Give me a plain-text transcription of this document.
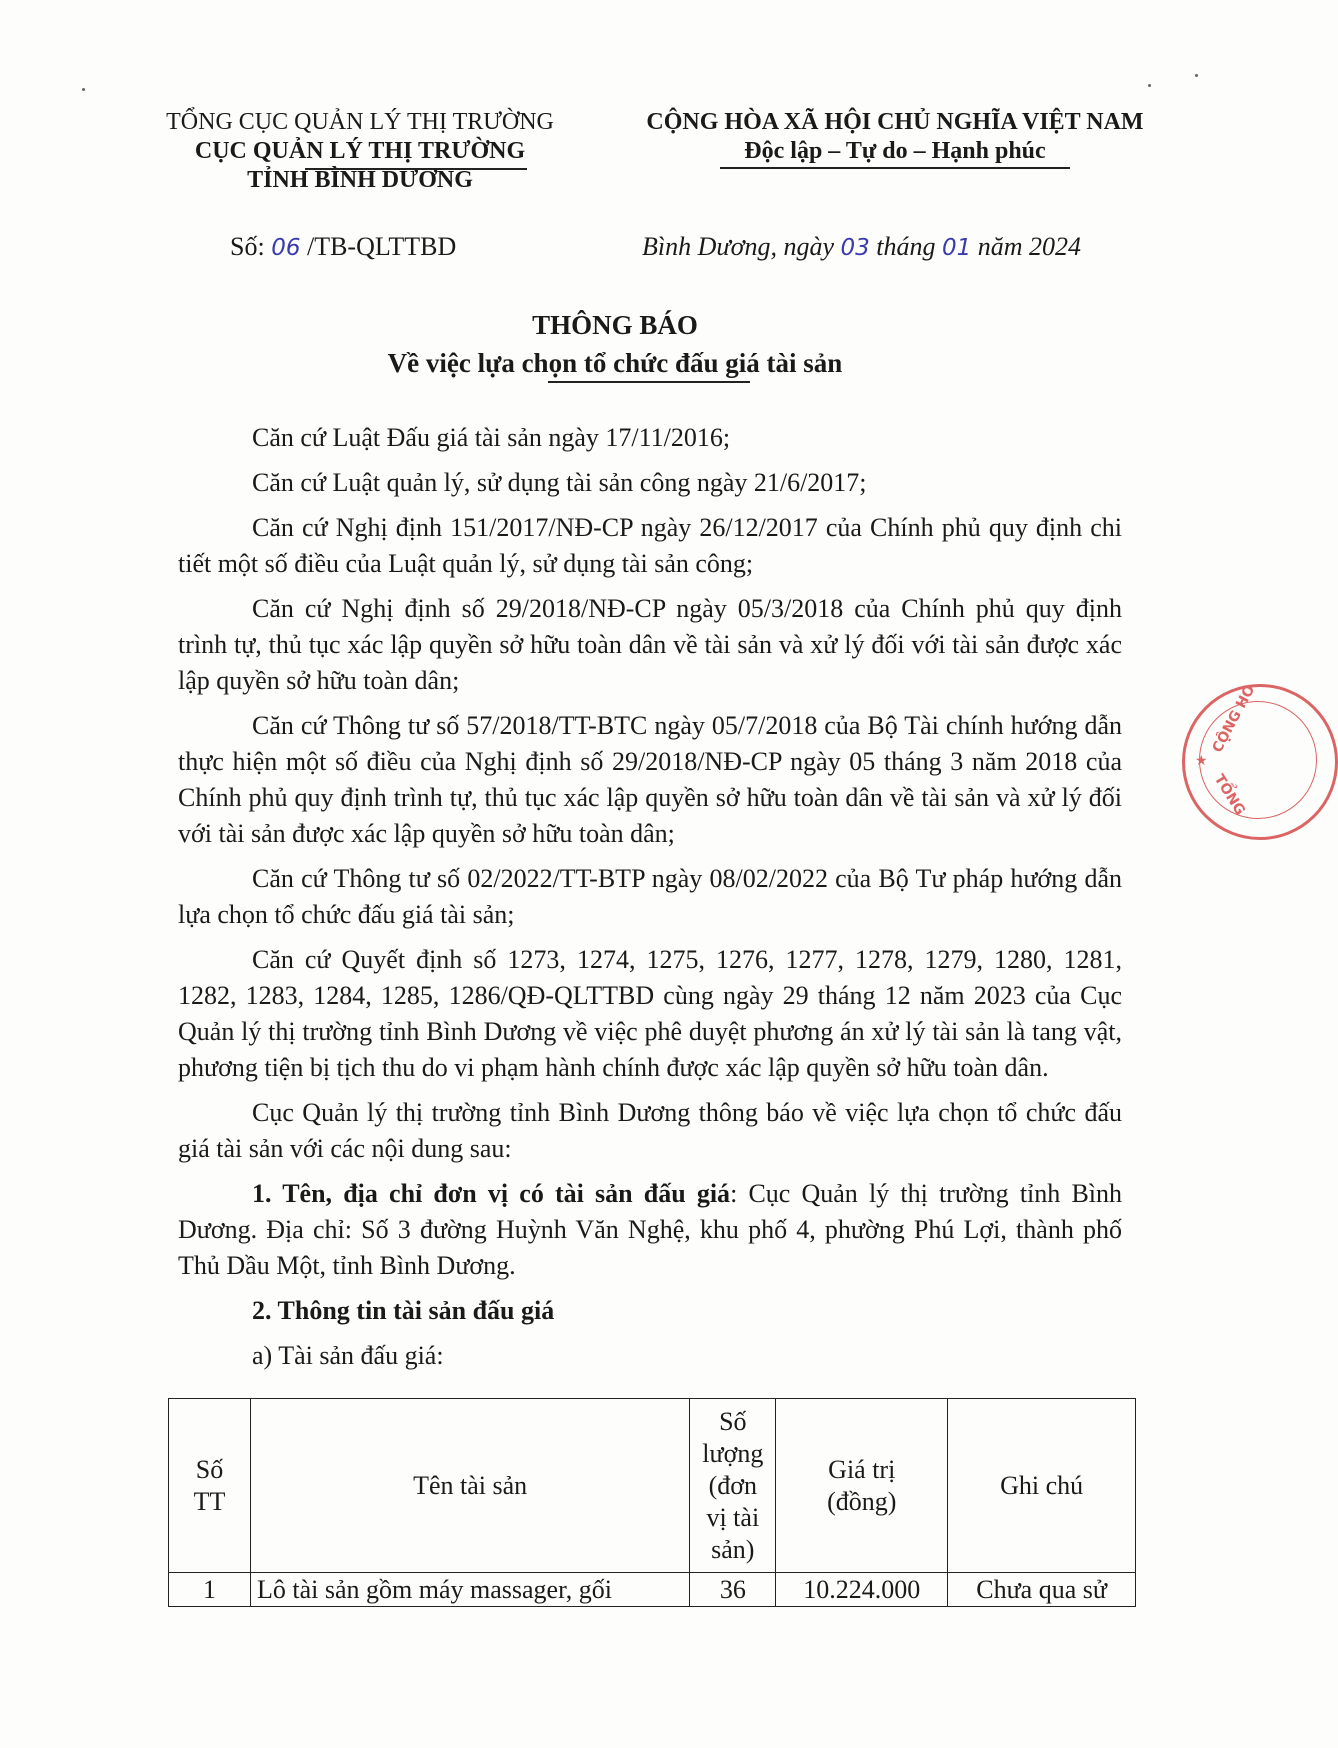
TỔNG CỤC QUẢN LÝ THỊ TRƯỜNG
CỤC QUẢN LÝ THỊ TRƯỜNG
TỈNH BÌNH DƯƠNG
CỘNG HÒA XÃ HỘI CHỦ NGHĨA VIỆT NAM
Độc lập – Tự do – Hạnh phúc
Số: 06 /TB-QLTTBD	Bình Dương, ngày 03 tháng 01 năm 2024
THÔNG BÁO
Về việc lựa chọn tổ chức đấu giá tài sản

Căn cứ Luật Đấu giá tài sản ngày 17/11/2016;

Căn cứ Luật quản lý, sử dụng tài sản công ngày 21/6/2017;

Căn cứ Nghị định 151/2017/NĐ-CP ngày 26/12/2017 của Chính phủ quy định chi tiết một số điều của Luật quản lý, sử dụng tài sản công;

Căn cứ Nghị định số 29/2018/NĐ-CP ngày 05/3/2018 của Chính phủ quy định trình tự, thủ tục xác lập quyền sở hữu toàn dân về tài sản và xử lý đối với tài sản được xác lập quyền sở hữu toàn dân;

Căn cứ Thông tư số 57/2018/TT-BTC ngày 05/7/2018 của Bộ Tài chính hướng dẫn thực hiện một số điều của Nghị định số 29/2018/NĐ-CP ngày 05 tháng 3 năm 2018 của Chính phủ quy định trình tự, thủ tục xác lập quyền sở hữu toàn dân về tài sản và xử lý đối với tài sản được xác lập quyền sở hữu toàn dân;

Căn cứ Thông tư số 02/2022/TT-BTP ngày 08/02/2022 của Bộ Tư pháp hướng dẫn lựa chọn tổ chức đấu giá tài sản;

Căn cứ Quyết định số 1273, 1274, 1275, 1276, 1277, 1278, 1279, 1280, 1281, 1282, 1283, 1284, 1285, 1286/QĐ-QLTTBD cùng ngày 29 tháng 12 năm 2023 của Cục Quản lý thị trường tỉnh Bình Dương về việc phê duyệt phương án xử lý tài sản là tang vật, phương tiện bị tịch thu do vi phạm hành chính được xác lập quyền sở hữu toàn dân.

Cục Quản lý thị trường tỉnh Bình Dương thông báo về việc lựa chọn tổ chức đấu giá tài sản với các nội dung sau:

1. Tên, địa chỉ đơn vị có tài sản đấu giá: Cục Quản lý thị trường tỉnh Bình Dương. Địa chỉ: Số 3 đường Huỳnh Văn Nghệ, khu phố 4, phường Phú Lợi, thành phố Thủ Dầu Một, tỉnh Bình Dương.

2. Thông tin tài sản đấu giá

a) Tài sản đấu giá:

Số TT	Tên tài sản	Số lượng (đơn vị tài sản)	Giá trị (đồng)	Ghi chú
1	Lô tài sản gồm máy massager, gối	36	10.224.000	Chưa qua sử
CỘNG HÒ
★
TỔNG
